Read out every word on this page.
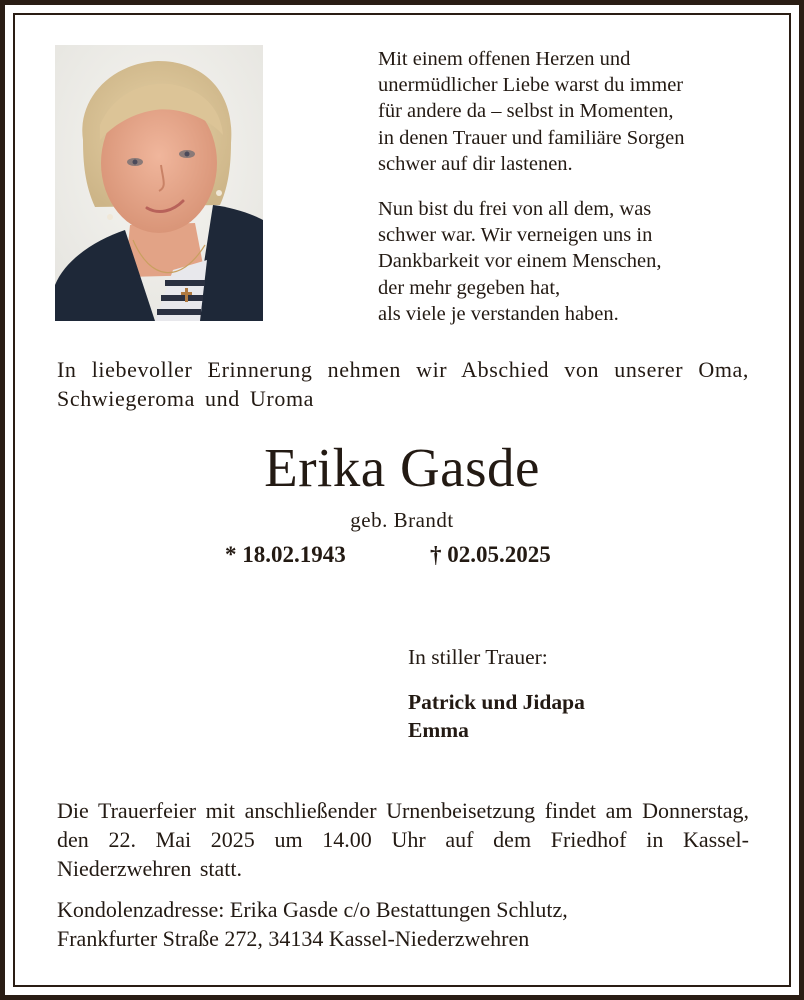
Mit einem offenen Herzen und
unermüdlicher Liebe warst du immer
für andere da – selbst in Momenten,
in denen Trauer und familiäre Sorgen
schwer auf dir lastenen.

Nun bist du frei von all dem, was
schwer war. Wir verneigen uns in
Dankbarkeit vor einem Menschen,
der mehr gegeben hat,
als viele je verstanden haben.

In liebevoller Erinnerung nehmen wir Abschied von unserer Oma, Schwiegeroma und Uroma
Erika Gasde
geb. Brandt
* 18.02.1943	† 02.05.2025
In stiller Trauer:
Patrick und Jidapa
Emma
Die Trauerfeier mit anschließender Urnenbeisetzung findet am Donnerstag, den 22. Mai 2025 um 14.00 Uhr auf dem Friedhof in Kassel-Niederzwehren statt.
Kondolenzadresse: Erika Gasde c/o Bestattungen Schlutz,
Frankfurter Straße 272, 34134 Kassel-Niederzwehren
